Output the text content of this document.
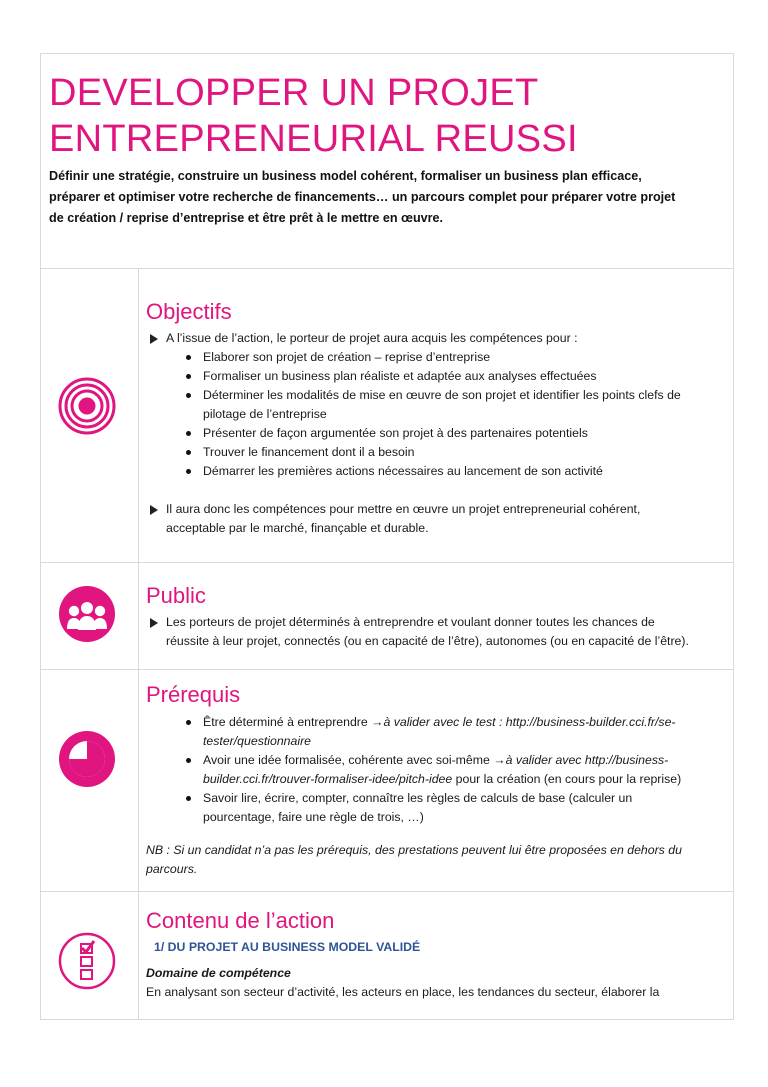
DEVELOPPER UN PROJET
ENTREPRENEURIAL REUSSI

Définir une stratégie, construire un business model cohérent, formaliser un business plan efficace,
préparer et optimiser votre recherche de financements… un parcours complet pour préparer votre projet
de création / reprise d’entreprise et être prêt à le mettre en œuvre.

Objectifs

A l’issue de l’action, le porteur de projet aura acquis les compétences pour :

Elaborer son projet de création – reprise d’entreprise
Formaliser un business plan réaliste et adaptée aux analyses effectuées
Déterminer les modalités de mise en œuvre de son projet et identifier les points clefs de
pilotage de l’entreprise
Présenter de façon argumentée son projet à des partenaires potentiels
Trouver le financement dont il a besoin
Démarrer les premières actions nécessaires au lancement de son activité

Il aura donc les compétences pour mettre en œuvre un projet entrepreneurial cohérent,
acceptable par le marché, finançable et durable.

Public

Les porteurs de projet déterminés à entreprendre et voulant donner toutes les chances de
réussite à leur projet, connectés (ou en capacité de l’être), autonomes (ou en capacité de l’être).

Prérequis
Être déterminé à entreprendre →à valider avec le test : http://business-builder.cci.fr/se-
tester/questionnaire
Avoir une idée formalisée, cohérente avec soi-même →à valider avec http://business-
builder.cci.fr/trouver-formaliser-idee/pitch-idee pour la création (en cours pour la reprise)
Savoir lire, écrire, compter, connaître les règles de calculs de base (calculer un
pourcentage, faire une règle de trois, …)

NB : Si un candidat n’a pas les prérequis, des prestations peuvent lui être proposées en dehors du
parcours.

Contenu de l’action

1/ DU PROJET AU BUSINESS MODEL VALIDÉ

Domaine de compétence

En analysant son secteur d’activité, les acteurs en place, les tendances du secteur, élaborer la
